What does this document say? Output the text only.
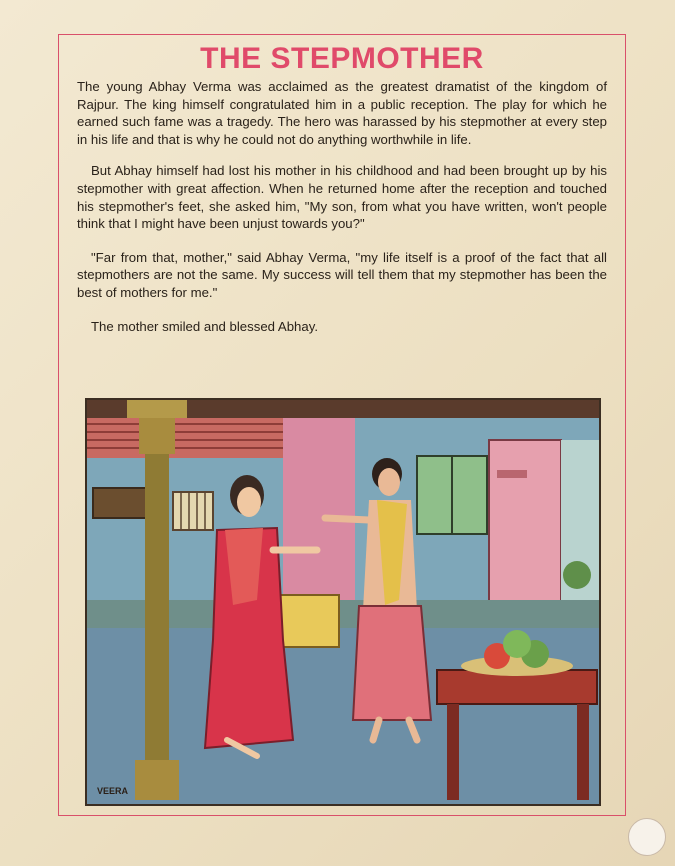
THE STEPMOTHER

The young Abhay Verma was acclaimed as the greatest dramatist of the kingdom of Rajpur. The king himself congratulated him in a public reception. The play for which he earned such fame was a tragedy. The hero was harassed by his stepmother at every step in his life and that is why he could not do anything worthwhile in life.

But Abhay himself had lost his mother in his childhood and had been brought up by his stepmother with great affection. When he returned home after the reception and touched his stepmother's feet, she asked him, "My son, from what you have written, won't people think that I might have been unjust towards you?"

"Far from that, mother," said Abhay Verma, "my life itself is a proof of the fact that all stepmothers are not the same. My success will tell them that my stepmother has been the best of mothers for me."

The mother smiled and blessed Abhay.

VEERA
